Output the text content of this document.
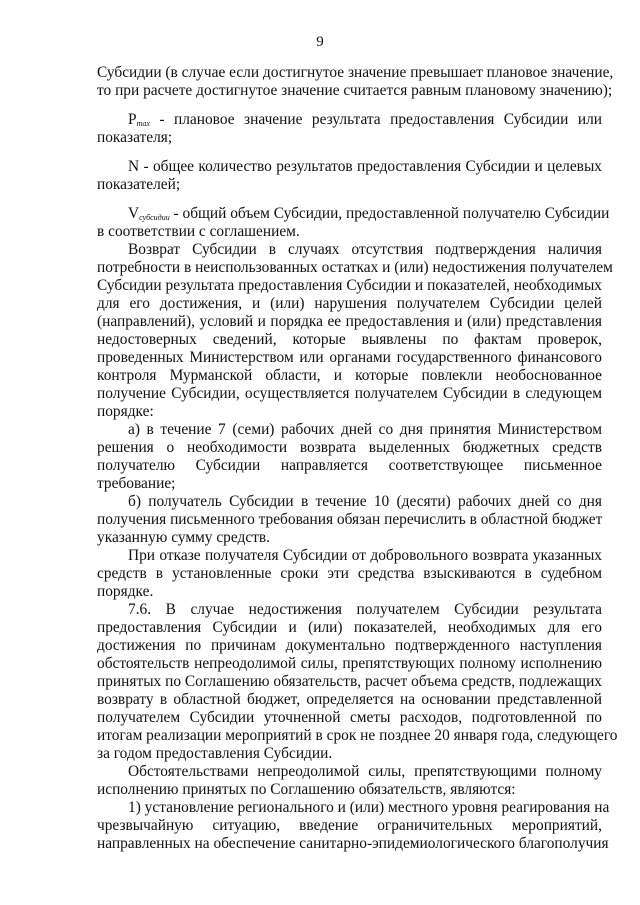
9
Субсидии (в случае если достигнутое значение превышает плановое значение,
то при расчете достигнутое значение считается равным плановому значению);
$P_{max}$ - плановое значение результата предоставления Субсидии или
показателя;
N - общее количество результатов предоставления Субсидии и целевых
показателей;
$V_{субсидии}$ - общий объем Субсидии, предоставленной получателю Субсидии
в соответствии с соглашением.
Возврат Субсидии в случаях отсутствия подтверждения наличия
потребности в неиспользованных остатках и (или) недостижения получателем
Субсидии результата предоставления Субсидии и показателей, необходимых
для его достижения, и (или) нарушения получателем Субсидии целей
(направлений), условий и порядка ее предоставления и (или) представления
недостоверных сведений, которые выявлены по фактам проверок,
проведенных Министерством или органами государственного финансового
контроля Мурманской области, и которые повлекли необоснованное
получение Субсидии, осуществляется получателем Субсидии в следующем
порядке:
а) в течение 7 (семи) рабочих дней со дня принятия Министерством
решения о необходимости возврата выделенных бюджетных средств
получателю Субсидии направляется соответствующее письменное
требование;
б) получатель Субсидии в течение 10 (десяти) рабочих дней со дня
получения письменного требования обязан перечислить в областной бюджет
указанную сумму средств.
При отказе получателя Субсидии от добровольного возврата указанных
средств в установленные сроки эти средства взыскиваются в судебном
порядке.
7.6. В случае недостижения получателем Субсидии результата
предоставления Субсидии и (или) показателей, необходимых для его
достижения по причинам документально подтвержденного наступления
обстоятельств непреодолимой силы, препятствующих полному исполнению
принятых по Соглашению обязательств, расчет объема средств, подлежащих
возврату в областной бюджет, определяется на основании представленной
получателем Субсидии уточненной сметы расходов, подготовленной по
итогам реализации мероприятий в срок не позднее 20 января года, следующего
за годом предоставления Субсидии.
Обстоятельствами непреодолимой силы, препятствующими полному
исполнению принятых по Соглашению обязательств, являются:
1) установление регионального и (или) местного уровня реагирования на
чрезвычайную ситуацию, введение ограничительных мероприятий,
направленных на обеспечение санитарно-эпидемиологического благополучия
